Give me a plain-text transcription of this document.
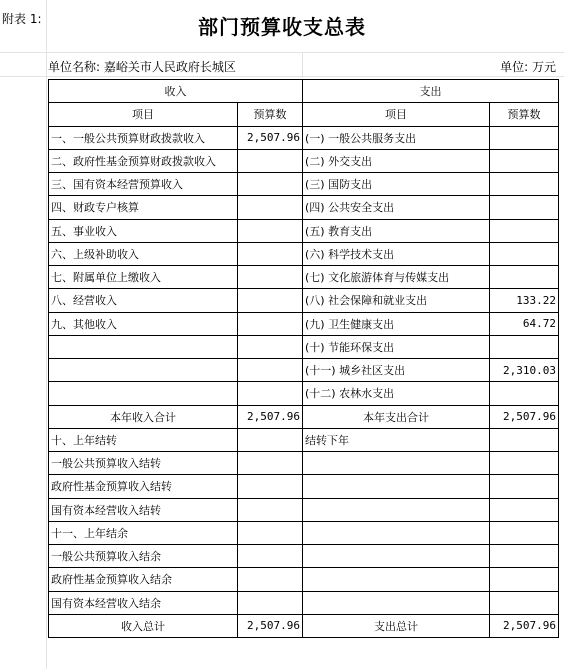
附表 1:	部门预算收支总表
单位名称: 嘉峪关市人民政府长城区	单位: 万元
收入		支出	
项目	预算数	项目	预算数
一、一般公共预算财政拨款收入	2,507.96	(一) 一般公共服务支出	
二、政府性基金预算财政拨款收入		(二) 外交支出	
三、国有资本经营预算收入		(三) 国防支出	
四、财政专户核算		(四) 公共安全支出	
五、事业收入		(五) 教育支出	
六、上级补助收入		(六) 科学技术支出	
七、附属单位上缴收入		(七) 文化旅游体育与传媒支出	
八、经营收入		(八) 社会保障和就业支出	133.22
九、其他收入		(九) 卫生健康支出	64.72
		(十) 节能环保支出	
		(十一) 城乡社区支出	2,310.03
		(十二) 农林水支出	
本年收入合计	2,507.96	本年支出合计	2,507.96
十、上年结转		结转下年	
一般公共预算收入结转			
政府性基金预算收入结转			
国有资本经营收入结转			
十一、上年结余			
一般公共预算收入结余			
政府性基金预算收入结余			
国有资本经营收入结余			
收入总计	2,507.96	支出总计	2,507.96
